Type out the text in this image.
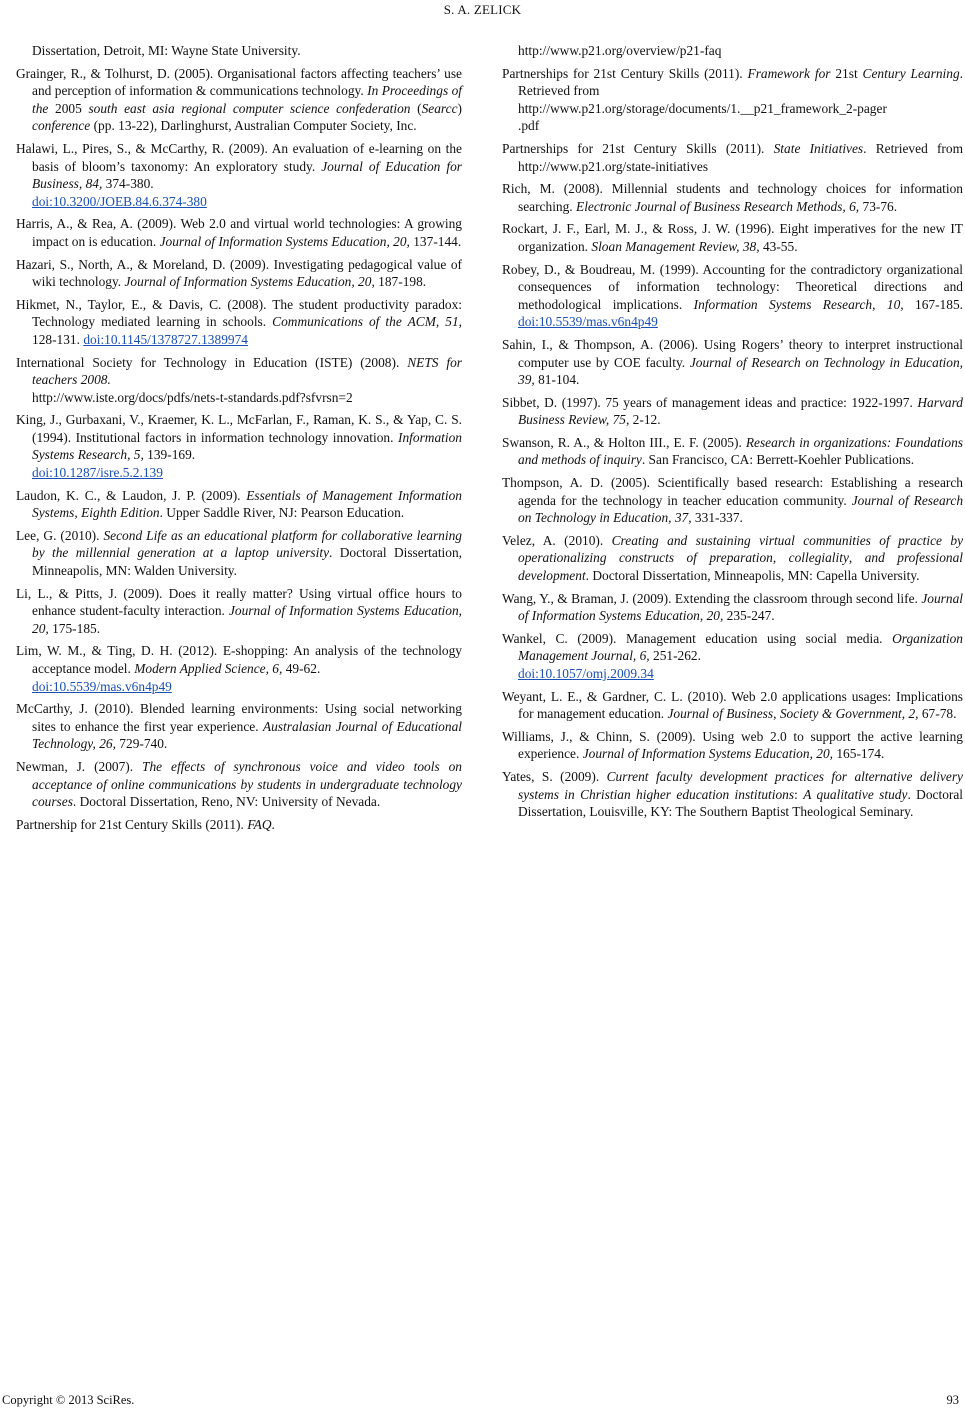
S. A. ZELICK

Dissertation, Detroit, MI: Wayne State University.

Grainger, R., & Tolhurst, D. (2005). Organisational factors affecting teachers’ use and perception of information & communications technology. In Proceedings of the 2005 south east asia regional computer science confederation (Searcc) conference (pp. 13-22), Darlinghurst, Australian Computer Society, Inc.

Halawi, L., Pires, S., & McCarthy, R. (2009). An evaluation of e-learning on the basis of bloom’s taxonomy: An exploratory study. Journal of Education for Business, 84, 374-380.
doi:10.3200/JOEB.84.6.374-380

Harris, A., & Rea, A. (2009). Web 2.0 and virtual world technologies: A growing impact on is education. Journal of Information Systems Education, 20, 137-144.

Hazari, S., North, A., & Moreland, D. (2009). Investigating pedagogical value of wiki technology. Journal of Information Systems Education, 20, 187-198.

Hikmet, N., Taylor, E., & Davis, C. (2008). The student productivity paradox: Technology mediated learning in schools. Communications of the ACM, 51, 128-131. doi:10.1145/1378727.1389974

International Society for Technology in Education (ISTE) (2008). NETS for teachers 2008.
http://www.iste.org/docs/pdfs/nets-t-standards.pdf?sfvrsn=2

King, J., Gurbaxani, V., Kraemer, K. L., McFarlan, F., Raman, K. S., & Yap, C. S. (1994). Institutional factors in information technology innovation. Information Systems Research, 5, 139-169.
doi:10.1287/isre.5.2.139

Laudon, K. C., & Laudon, J. P. (2009). Essentials of Management Information Systems, Eighth Edition. Upper Saddle River, NJ: Pearson Education.

Lee, G. (2010). Second Life as an educational platform for collaborative learning by the millennial generation at a laptop university. Doctoral Dissertation, Minneapolis, MN: Walden University.

Li, L., & Pitts, J. (2009). Does it really matter? Using virtual office hours to enhance student-faculty interaction. Journal of Information Systems Education, 20, 175-185.

Lim, W. M., & Ting, D. H. (2012). E-shopping: An analysis of the technology acceptance model. Modern Applied Science, 6, 49-62.
doi:10.5539/mas.v6n4p49

McCarthy, J. (2010). Blended learning environments: Using social networking sites to enhance the first year experience. Australasian Journal of Educational Technology, 26, 729-740.

Newman, J. (2007). The effects of synchronous voice and video tools on acceptance of online communications by students in undergraduate technology courses. Doctoral Dissertation, Reno, NV: University of Nevada.

Partnership for 21st Century Skills (2011). FAQ.

http://www.p21.org/overview/p21-faq

Partnerships for 21st Century Skills (2011). Framework for 21st Century Learning. Retrieved from
http://www.p21.org/storage/documents/1.__p21_framework_2-pager
.pdf

Partnerships for 21st Century Skills (2011). State Initiatives. Retrieved from http://www.p21.org/state-initiatives

Rich, M. (2008). Millennial students and technology choices for information searching. Electronic Journal of Business Research Methods, 6, 73-76.

Rockart, J. F., Earl, M. J., & Ross, J. W. (1996). Eight imperatives for the new IT organization. Sloan Management Review, 38, 43-55.

Robey, D., & Boudreau, M. (1999). Accounting for the contradictory organizational consequences of information technology: Theoretical directions and methodological implications. Information Systems Research, 10, 167-185. doi:10.5539/mas.v6n4p49

Sahin, I., & Thompson, A. (2006). Using Rogers’ theory to interpret instructional computer use by COE faculty. Journal of Research on Technology in Education, 39, 81-104.

Sibbet, D. (1997). 75 years of management ideas and practice: 1922-1997. Harvard Business Review, 75, 2-12.

Swanson, R. A., & Holton III., E. F. (2005). Research in organizations: Foundations and methods of inquiry. San Francisco, CA: Berrett-Koehler Publications.

Thompson, A. D. (2005). Scientifically based research: Establishing a research agenda for the technology in teacher education community. Journal of Research on Technology in Education, 37, 331-337.

Velez, A. (2010). Creating and sustaining virtual communities of practice by operationalizing constructs of preparation, collegiality, and professional development. Doctoral Dissertation, Minneapolis, MN: Capella University.

Wang, Y., & Braman, J. (2009). Extending the classroom through second life. Journal of Information Systems Education, 20, 235-247.

Wankel, C. (2009). Management education using social media. Organization Management Journal, 6, 251-262.
doi:10.1057/omj.2009.34

Weyant, L. E., & Gardner, C. L. (2010). Web 2.0 applications usages: Implications for management education. Journal of Business, Society & Government, 2, 67-78.

Williams, J., & Chinn, S. (2009). Using web 2.0 to support the active learning experience. Journal of Information Systems Education, 20, 165-174.

Yates, S. (2009). Current faculty development practices for alternative delivery systems in Christian higher education institutions: A qualitative study. Doctoral Dissertation, Louisville, KY: The Southern Baptist Theological Seminary.

Copyright © 2013 SciRes.	93
